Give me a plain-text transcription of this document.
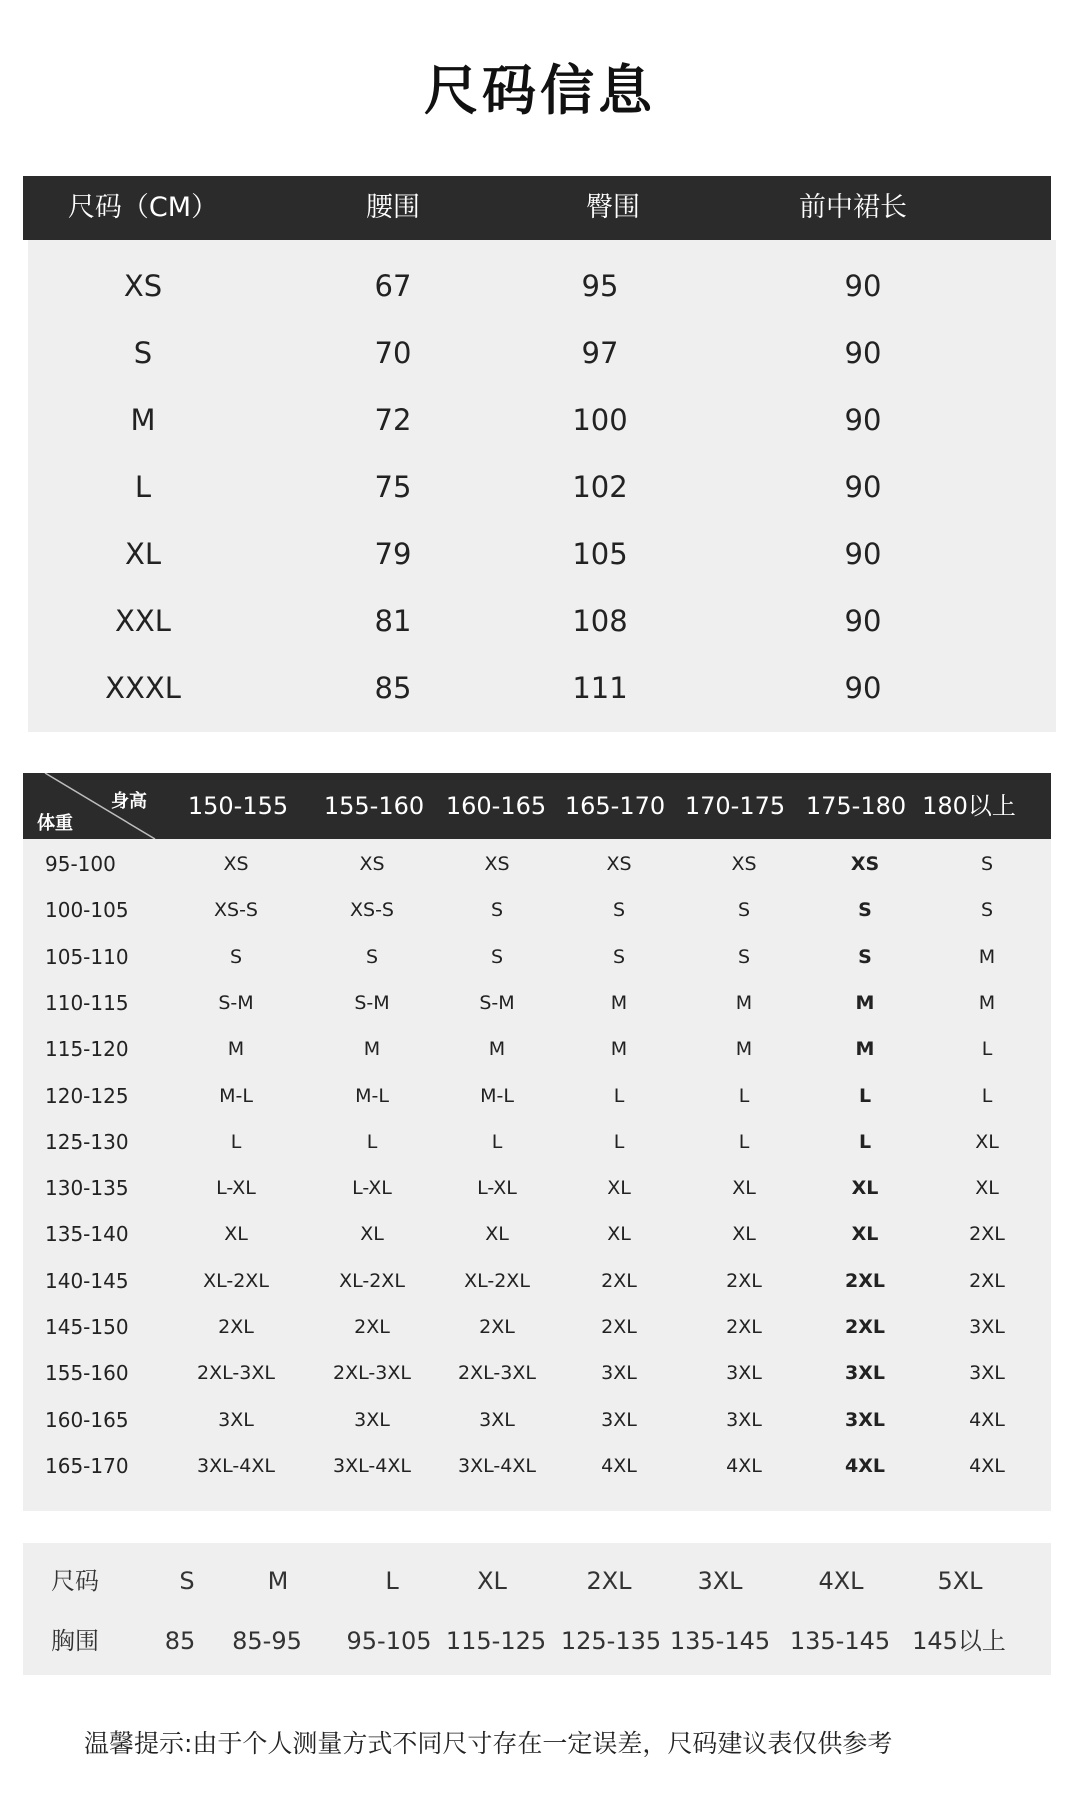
尺码信息
尺码（CM）	腰围	臀围	前中裙长
XS	67	95	90
S	70	97	90
M	72	100	90
L	75	102	90
XL	79	105	90
XXL	81	108	90
XXXL	85	111	90
身高
体重
150-155 155-160 160-165 165-170 170-175 175-180 180以上
95-100	XS	XS	XS	XS	XS	XS	S
100-105	XS-S	XS-S	S	S	S	S	S
105-110	S	S	S	S	S	S	M
110-115	S-M	S-M	S-M	M	M	M	M
115-120	M	M	M	M	M	M	L
120-125	M-L	M-L	M-L	L	L	L	L
125-130	L	L	L	L	L	L	XL
130-135	L-XL	L-XL	L-XL	XL	XL	XL	XL
135-140	XL	XL	XL	XL	XL	XL	2XL
140-145	XL-2XL	XL-2XL	XL-2XL	2XL	2XL	2XL	2XL
145-150	2XL	2XL	2XL	2XL	2XL	2XL	3XL
155-160	2XL-3XL	2XL-3XL 2XL-3XL	3XL	3XL	3XL	3XL
160-165	3XL	3XL	3XL	3XL	3XL	3XL	4XL
165-170	3XL-4XL	3XL-4XL 3XL-4XL	4XL	4XL	4XL	4XL
尺码	S	M	L	XL	2XL	3XL	4XL	5XL
胸围	85 85-95 95-105 115-125 125-135 135-145 135-145 145以上
温馨提示:由于个人测量方式不同尺寸存在一定误差，尺码建议表仅供参考
